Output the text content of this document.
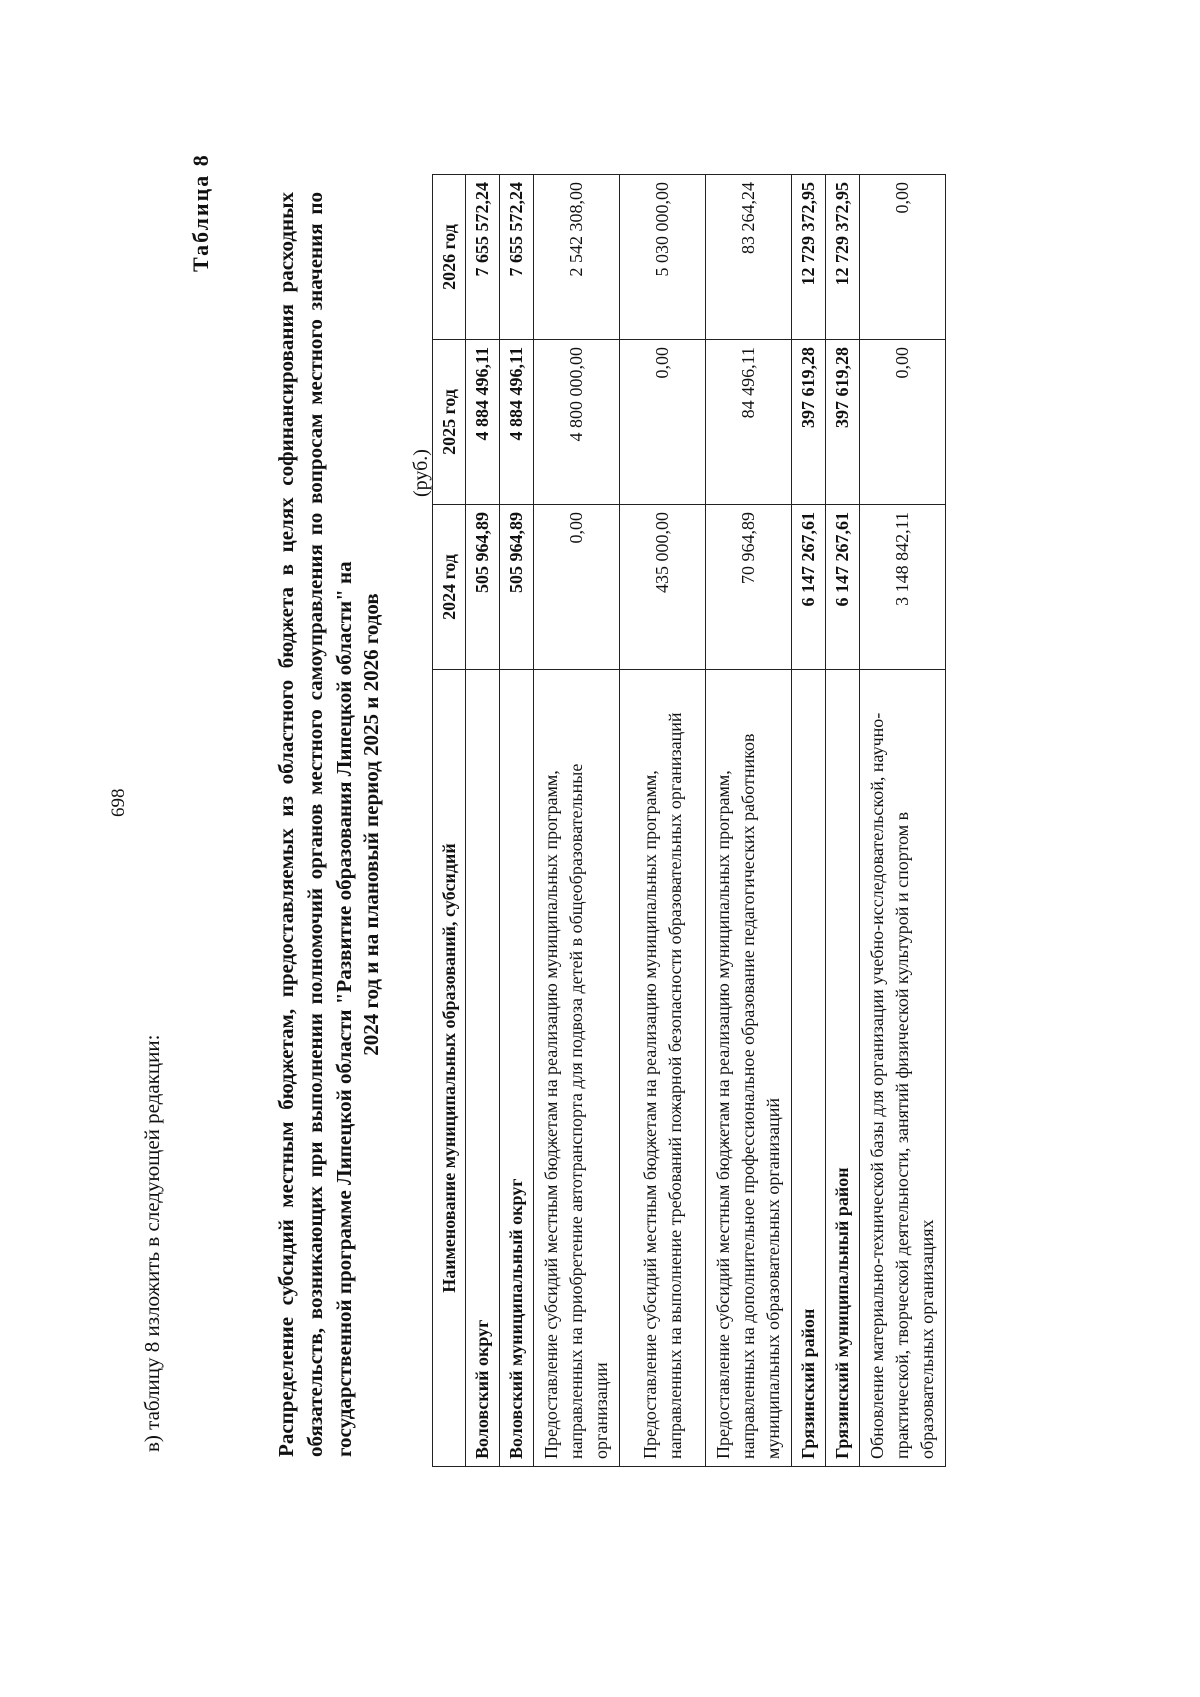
в) таблицу 8 изложить в следующей редакции:
698
Таблица 8	Распределение субсидий местным бюджетам, предоставляемых из областного бюджета в целях софинансирования расходных обязательств, возникающих при выполнении полномочий органов местного самоуправления по вопросам местного значения по государственной программе Липецкой области "Развитие образования Липецкой области" на 2024 год и на плановый период 2025 и 2026 годов
(руб.)
Наименование муниципальных образований, субсидий	2024 год	2025 год	2026 год
Воловский округ	505 964,89	4 884 496,11	7 655 572,24
Воловский муниципальный округ	505 964,89	4 884 496,11	7 655 572,24
Предоставление субсидий местным бюджетам на реализацию муниципальных программ, направленных на приобретение автотранспорта для подвоза детей в общеобразовательные организации	0,00	4 800 000,00	2 542 308,00
Предоставление субсидий местным бюджетам на реализацию муниципальных программ, направленных на выполнение требований пожарной безопасности образовательных организаций	435 000,00	0,00	5 030 000,00
Предоставление субсидий местным бюджетам на реализацию муниципальных программ, направленных на дополнительное профессиональное образование педагогических работников муниципальных образовательных организаций	70 964,89	84 496,11	83 264,24
Грязинский район	6 147 267,61	397 619,28	12 729 372,95
Грязинский муниципальный район	6 147 267,61	397 619,28	12 729 372,95
Обновление материально-технической базы для организации учебно-исследовательской, научно-практической, творческой деятельности, занятий физической культурой и спортом в образовательных организациях	3 148 842,11	0,00	0,00
